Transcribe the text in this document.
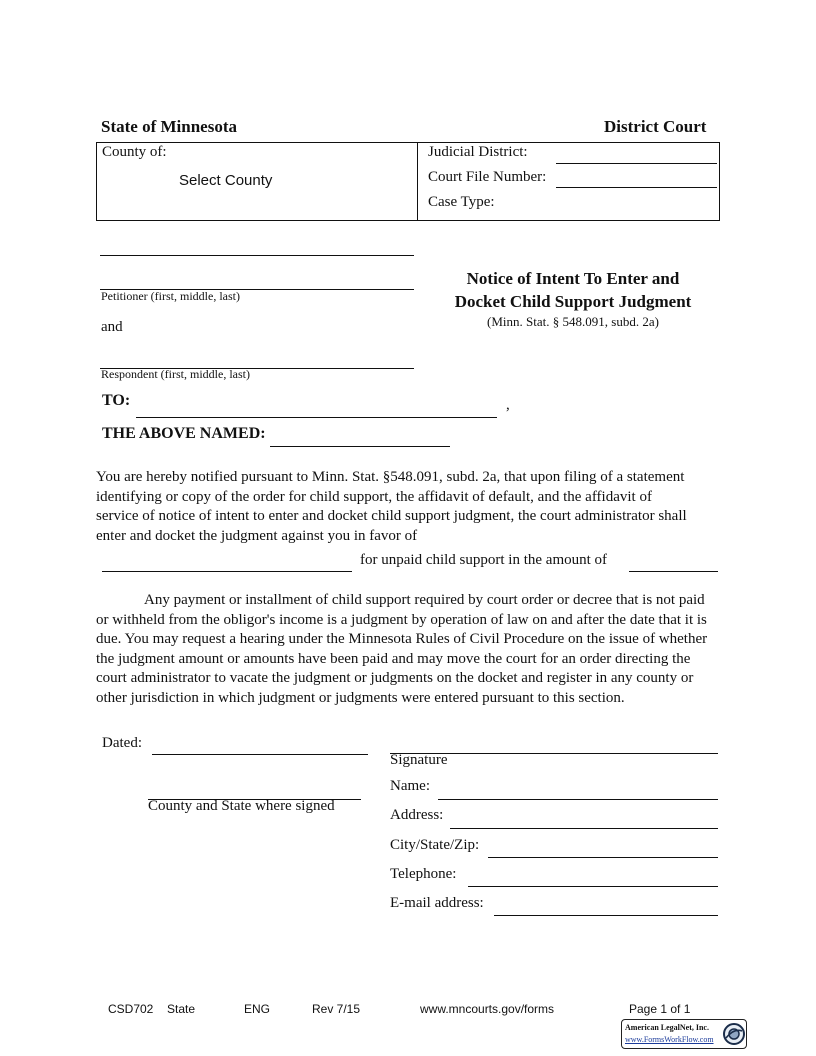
State of Minnesota	District Court
County of:
Select County
Judicial District:
Court File Number:
Case Type:
Petitioner (first, middle, last)
and
Respondent (first, middle, last)
Notice of Intent To Enter and
Docket Child Support Judgment
(Minn. Stat. § 548.091, subd. 2a)
TO:	,
THE ABOVE NAMED:
You are hereby notified pursuant to Minn. Stat. §548.091, subd. 2a, that upon filing of a statement identifying or copy of the order for child support, the affidavit of default, and the affidavit of service of notice of intent to enter and docket child support judgment, the court administrator shall enter and docket the judgment against you in favor of
for unpaid child support in the amount of
Any payment or installment of child support required by court order or decree that is not paid or withheld from the obligor's income is a judgment by operation of law on and after the date that it is due. You may request a hearing under the Minnesota Rules of Civil Procedure on the issue of whether the judgment amount or amounts have been paid and may move the court for an order directing the court administrator to vacate the judgment or judgments on the docket and register in any county or other jurisdiction in which judgment or judgments were entered pursuant to this section.
Dated:
County and State where signed
Signature
Name:
Address:
City/State/Zip:
Telephone:
E-mail address:
CSD702 State	ENG	Rev 7/15	www.mncourts.gov/forms	Page 1 of 1
American LegalNet, Inc.
www.FormsWorkFlow.com
